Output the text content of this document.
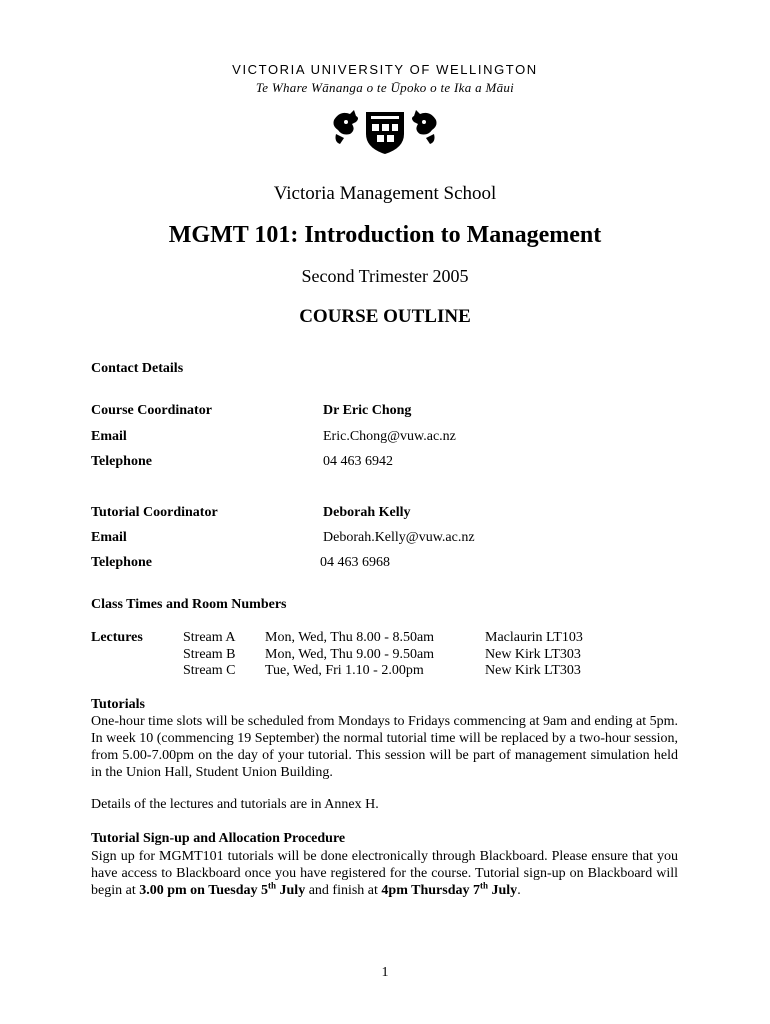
VICTORIA UNIVERSITY OF WELLINGTON
Te Whare Wānanga o te Ūpoko o te Ika a Māui
Victoria Management School
MGMT 101: Introduction to Management
Second Trimester 2005
COURSE OUTLINE
Contact Details
Course Coordinator	Dr Eric Chong
Email	Eric.Chong@vuw.ac.nz
Telephone	04 463 6942
Tutorial Coordinator	Deborah Kelly
Email	Deborah.Kelly@vuw.ac.nz
Telephone	04 463 6968
Class Times and Room Numbers
Lectures	Stream A Mon, Wed, Thu 8.00 - 8.50am	Maclaurin LT103
Stream B Mon, Wed, Thu 9.00 - 9.50am	New Kirk LT303
Stream C Tue, Wed, Fri 1.10 - 2.00pm	New Kirk LT303
Tutorials
One-hour time slots will be scheduled from Mondays to Fridays commencing at 9am and ending at 5pm. In week 10 (commencing 19 September) the normal tutorial time will be replaced by a two-hour session, from 5.00-7.00pm on the day of your tutorial. This session will be part of management simulation held in the Union Hall, Student Union Building.
Details of the lectures and tutorials are in Annex H.
Tutorial Sign-up and Allocation Procedure
Sign up for MGMT101 tutorials will be done electronically through Blackboard. Please ensure that you have access to Blackboard once you have registered for the course. Tutorial sign-up on Blackboard will begin at 3.00 pm on Tuesday 5th July and finish at 4pm Thursday 7th July.
1
